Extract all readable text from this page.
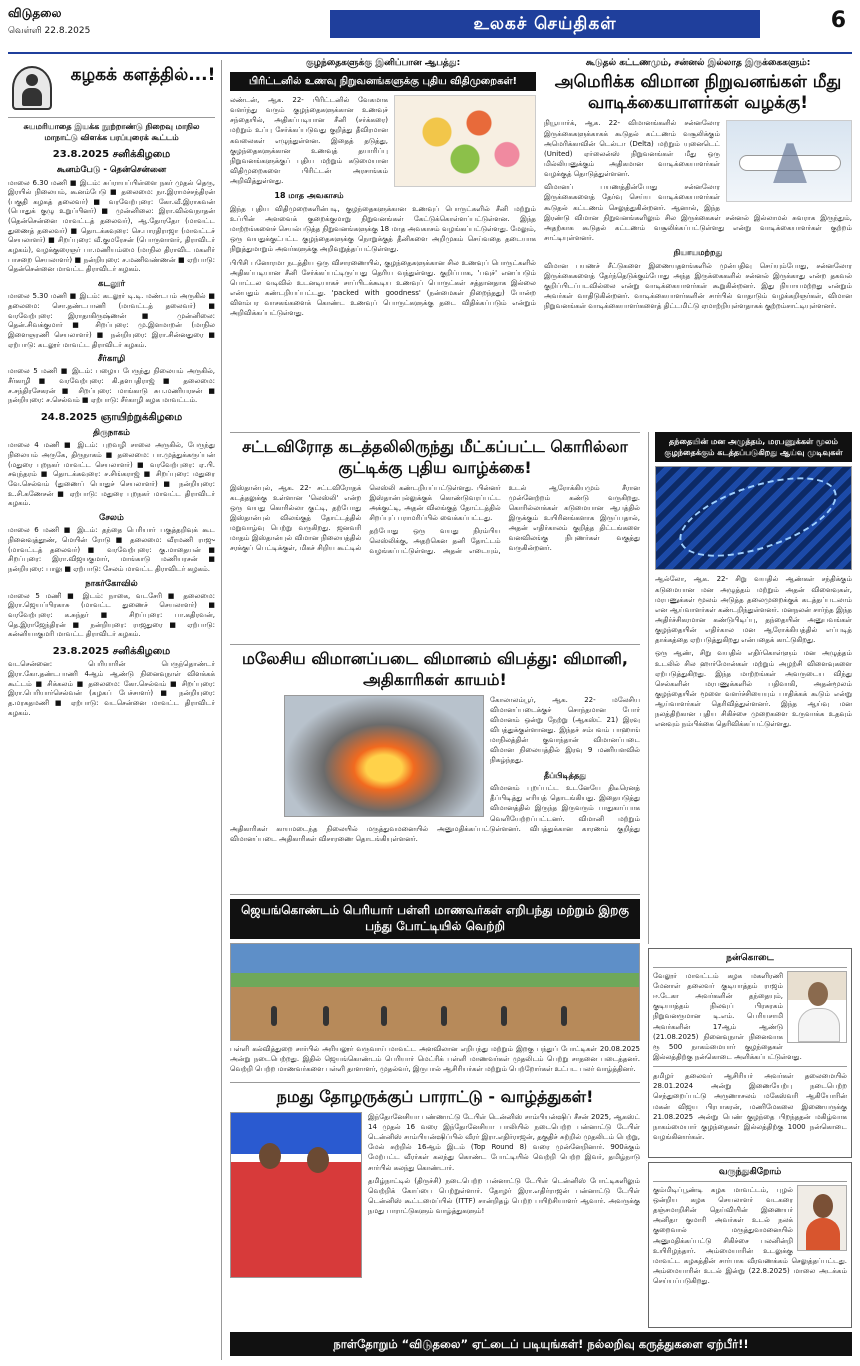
விடுதலை
வெள்ளி 22.8.2025	உலகச் செய்திகள்	6
கழகக் களத்தில்...!
சுயமரியாதை இயக்க நூற்றாண்டு நிறைவு மாநில மாநாட்டு விளக்க பரப்புரைக் கூட்டம்
23.8.2025 சனிக்கிழமை
கூனம்பேடு - தென்சென்னை
மாலை 6.30 மணி ■ இடம்: சுப்ராயப்பிள்ளை நகர் முதல் தெரு, இரயில் நிலையம், கூனம்பேடு ■ தலைமை: நா.இராமச்சந்திரன் (பகுதி கழகத் தலைவர்) ■ வரவேற்புரை: கோ.வீ.இராகவன் (பொதுக் குழு உறுப்பினர்) ■ முன்னிலை: இரா.வில்வநாதன் (தென்சென்னை மாவட்டத் தலைவர்), ஆ.தோரதோ (மாவட்ட துணைத் தலைவர்) ■ தொடக்கவுரை: செ.பாரதிராஜா (மாவட்டச் செயலாளர்) ■ சிறப்புரை: வீ.குமரேசன் (பொருளாளர், திராவிடர் கழகம்), வழக்குரைஞர் பா.மணியம்மை (மாநில திராவிட மகளிர் பாசறை செயலாளர்) ■ நன்றியுரை: ச.மணிவண்ணன் ■ ஏற்பாடு: தென்சென்னை மாவட்ட திராவிடர் கழகம்.
கடலூர்
மாலை 5.30 மணி ■ இடம்: கடலூர் டி.டி. மண்டபம் அருகில் ■ தலைமை: சொ.தண்டபாணி (மாவட்டத் தலைவர்) ■ வரவேற்புரை: இராதாகிருஷ்ணன் ■ முன்னிலை: தென்.சிவக்குமார் ■ சிறப்புரை: மு.இளமாறன் (மாநில இளைஞரணி செயலாளர்) ■ நன்றியுரை: இரா.சின்னதுரை ■ ஏற்பாடு: கடலூர் மாவட்ட திராவிடர் கழகம்.
சீர்காழி
மாலை 5 மணி ■ இடம்: பழைய பேருந்து நிலையம் அருகில், சீர்காழி ■ வரவேற்புரை: கி.தளபதிராஜ் ■ தலைமை: ச.சந்திரசேகரன் ■ சிறப்புரை: மாங்காடு சுப.மணியரசன் ■ நன்றியுரை: ச.செல்வம் ■ ஏற்பாடு: சீர்காழி கழக மாவட்டம்.
24.8.2025 ஞாயிற்றுக்கிழமை
திருநாகம்
மாலை 4 மணி ■ இடம்: புறவழி சாலை அருகில், பேருந்து நிலையம் அருகே, திருநாகம் ■ தலைமை: பா.முத்துக்கருப்பன் (மதுரை புறநகர் மாவட்ட செயலாளர்) ■ வரவேற்புரை: ஏ.பி. சவுந்தரம் ■ தொடக்கவுரை: ச.சிங்கராஜ் ■ சிறப்புரை: மதுரை வே.செல்வம் (துணைப் பொதுச் செயலாளர்) ■ நன்றியுரை: உ.சி.கணேசன் ■ ஏற்பாடு: மதுரை புறநகர் மாவட்ட திராவிடர் கழகம்.
சேலம்
மாலை 6 மணி ■ இடம்: தந்தை பெரியார் பகுத்தறிவுக் கூட நினைவுத்தூண், மெயின் ரோடு ■ தலைமை: வீரமணி ராஜு (மாவட்டத் தலைவர்) ■ வரவேற்புரை: கு.மாதையன் ■ சிறப்புரை: இரா.விஜயகுமார், மாங்காடு மணியரசன் ■ நன்றியுரை: பாலு ■ ஏற்பாடு: சேலம் மாவட்ட திராவிடர் கழகம்.
நாகர்கோவில்
மாலை 5 மணி ■ இடம்: நாகை, வடசேரி ■ தலைமை: இரா.ஜெயப்பிரகாசு (மாவட்ட துணைச் செயலாளர்) ■ வரவேற்புரை: க.சுந்தர் ■ சிறப்புரை: பா.கதிரவன், தெ.இராஜேந்திரன் ■ நன்றியுரை: ராஜதுரை ■ ஏற்பாடு: கன்னியாகுமரி மாவட்ட திராவிடர் கழகம்.
23.8.2025 சனிக்கிழமை
வடசென்னை: பெரியாரின் பெருந்தொண்டர் இரா.கோ.தண்டபாணி 4ஆம் ஆண்டு நினைவுநாள் விளக்கக் கூட்டம் ■ சிக்கலம் ■ தலைமை: கோ.செல்வம் ■ சிறப்புரை: இரா.பெரியார்செல்வன் (கழகப் பேச்சாளர்) ■ நன்றியுரை: த.மரகதமணி ■ ஏற்பாடு: வடசென்னை மாவட்ட திராவிடர் கழகம்.
குழந்தைகளுக்கு இனிப்பான ஆபத்து:
பிரிட்டனில் உணவு நிறுவனங்களுக்கு புதிய விதிமுறைகள்!

லண்டன், ஆக. 22- பிரிட்டனில் வேகமாக வளர்ந்து வரும் குழந்தைகளுக்கான உணவுச் சந்தையில், அதிகப்படியான சீனி (சர்க்கரை) மற்றும் உப்பு சேர்க்கப்படுவது குறித்து தீவிரமான கவலைகள் எழுந்துள்ளன. இதைத் தடுத்து, குழந்தைகளுக்கான உணவுத் தயாரிப்பு நிறுவனங்களுக்குப் புதிய மற்றும் கடுமையான விதிமுறைகளை பிரிட்டன் அரசாங்கம் அறிவித்துள்ளது.

18 மாத அவகாசம்

இந்த புதிய விதிமுறைகளின்படி, குழந்தைகளுக்கான உணவுப் பொருட்களில் சீனி மற்றும் உப்பின் அளவைக் குறைக்குமாறு நிறுவனங்கள் கேட்டுக்கொள்ளப்பட்டுள்ளன. இந்த மாற்றங்களைச் செயல்படுத்த நிறுவனங்களுக்கு 18 மாத அவகாசம் வழங்கப்பட்டுள்ளது. மேலும், ஒரு வயதுக்குட்பட்ட குழந்தைகளுக்கு நொறுக்குத் தீனிகளை அறிமுகம் செய்வதை தடையாக நிறுத்துமாறும் அவர்களுக்கு அறிவுறுத்தப்பட்டுள்ளது.

பிபிசி பனோரமா நடத்திய ஒரு விசாரணையில், குழந்தைகளுக்கான சில உணவுப் பொருட்களில் அதிகப்படியான சீனி சேர்க்கப்பட்டிருப்பது தெரிய வந்துள்ளது. குறிப்பாக, 'பவுச்' எனப்படும் பொட்டல வடிவில் உடனடியாகச் சாப்பிடக்கூடிய உணவுப் பொருட்கள் சத்தானதாக இல்லை என்பதும் கண்டறியப்பட்டது. 'packed with goodness' (நன்மைகள் நிறைந்தது) போன்ற விளம்பர வாசகங்களைக் கொண்ட உணவுப் பொருட்களுக்கு தடை விதிக்கப்படும் என்றும் அறிவிக்கப்பட்டுள்ளது.

கூடுதல் கட்டணமும், சன்னல் இல்லாத இருக்கைகளும்:
அமெரிக்க விமான நிறுவனங்கள் மீது வாடிக்கையாளர்கள் வழக்கு!

நியூயார்க், ஆக. 22- விமானங்களில் சன்னலோர இருக்கைகளுக்காகக் கூடுதல் கட்டணம் வசூலிக்கும் அமெரிக்காவின் டெல்டா (Delta) மற்றும் யுனைடெட் (United) ஏர்லைன்ஸ் நிறுவனங்கள் மீது ஒரு மில்லியனுக்கும் அதிகமான வாடிக்கையாளர்கள் வழக்குத் தொடுத்துள்ளனர்.

விமானப் பயணத்தின்போது சன்னலோர இருக்கைகளைத் தேர்வு செய்ய வாடிக்கையாளர்கள் கூடுதல் கட்டணம் செலுத்துகின்றனர். ஆனால், இந்த இரண்டு விமான நிறுவனங்களிலும் சில இருக்கைகள் சன்னல் இல்லாமல் சுவராக இருந்தும், அதற்காக கூடுதல் கட்டணம் வசூலிக்கப்பட்டுள்ளது என்று வாடிக்கையாளர்கள் குற்றம் சாட்டியுள்ளனர்.

நியாயமற்றது

விமான பயணச் சீட்டுகளை இணையதளங்களில் முன்பதிவு செய்யும்போது, சன்னலோர இருக்கைகளைத் தேர்ந்தெடுக்கும்போது அந்த இருக்கைகளில் சன்னல் இருக்காது என்ற தகவல் குறிப்பிடப்படவில்லை என்று வாடிக்கையாளர்கள் கூறுகின்றனர். இது நியாயமற்றது என்றும் அவர்கள் வாதிடுகின்றனர். வாடிக்கையாளர்களின் சார்பில் வாதாடும் வழக்கறிஞர்கள், விமான நிறுவனங்கள் வாடிக்கையாளர்களைத் திட்டமிட்டு ஏமாற்றியுள்ளதாகக் குற்றம்சாட்டியுள்ளனர்.

சட்டவிரோத கடத்தலிலிருந்து மீட்கப்பட்ட கொரில்லா குட்டிக்கு புதிய வாழ்க்கை!

இஸ்தான்புல், ஆக. 22- சட்டவிரோதக் கடத்தலுக்கு உள்ளான 'லெஸ்லி' என்ற ஒரு வயது கொரில்லா குட்டி, தற்போது இஸ்தான்புல் விலங்குத் தோட்டத்தில் மறுவாழ்வு பெற்று வருகிறது. ஜனவரி மாதம் இஸ்தான்புல் விமான நிலையத்தில் சரக்குப் பெட்டிக்குள், மிகச் சிறிய கூட்டில் லெஸ்லி கண்டறியப்பட்டுள்ளது. பின்னர் இஸ்தான்புல்லுக்குக் கொண்டுவரப்பட்ட அக்குட்டி, அதன் விலங்குத் தோட்டத்தில் சிறப்புப் பராமரிப்பில் வைக்கப்பட்டது.

தற்போது ஒரு வயது நிரம்பிய லெஸ்லிக்கு, அதற்கென தனி தோட்டம் வழங்கப்பட்டுள்ளது. அதன் எடையும், உடல் ஆரோக்கியமும் சீரான முன்னேற்றம் கண்டு வருகிறது. கொரில்லாக்கள் கடுமையான ஆபத்தில் இருக்கும் உயிரினங்களாக இருப்பதால், அதன் எதிர்காலம் குறித்த திட்டங்களை வனவிலங்கு நிபுணர்கள் வகுத்து வருகின்றனர்.

தந்தையின் மன அழுத்தம், மரபணுக்கள் மூலம் குழந்தைக்கும் கடத்தப்படுகிறது ஆய்வு முடிவுகள்

ஆல்லோ, ஆக. 22- சிறு வயதில் ஆண்கள் சந்திக்கும் கடுமையான மன அழுத்தம் மற்றும் அதன் விளைவுகள், மரபணுக்கள் மூலம் அடுத்த தலைமுறைக்குக் கடத்தப்படலாம் என ஆய்வாளர்கள் கண்டறிந்துள்ளனர். மனநலன் சார்ந்த இந்த அதிர்ச்சிகரமான கண்டுபிடிப்பு, தந்தையின் அனுபவங்கள் குழந்தையின் எதிர்கால மன ஆரோக்கியத்தில் எப்படித் தாக்கத்தை ஏற்படுத்துகிறது என்பதைக் காட்டுகிறது.

ஒரு ஆண், சிறு வயதில் எதிர்கொள்ளும் மன அழுத்தம் உடலில் சில ஹார்மோன்கள் மற்றும் அழற்சி விளைவுகளை ஏற்படுத்துகிறது. இந்த மாற்றங்கள் அவருடைய விந்து செல்களின் மரபணுக்களில் பதிவாகி, அதன்மூலம் குழந்தையின் மூளை வளர்ச்சியையும் பாதிக்கக் கூடும் என்று ஆய்வாளர்கள் தெரிவித்துள்ளனர். இந்த ஆய்வு மன நலத்திற்கான புதிய சிகிச்சை முறைகளை உருவாக்க உதவும் எனவும் நம்பிக்கை தெரிவிக்கப்பட்டுள்ளது.

மலேசிய விமானப்படை விமானம் விபத்து: விமானி, அதிகாரிகள் காயம்!

கோலாலம்பூர், ஆக. 22- மலேசிய விமானப்படைக்குச் சொந்தமான போர் விமானம் ஒன்று நேற்று (ஆகஸ்ட் 21) இரவு விபத்துக்குள்ளானது. இந்தச் சம்பவம் பாஹாங் மாநிலத்தின் குவாந்தான் விமானப்படை விமான நிலையத்தில் இரவு 9 மணியளவில் நிகழ்ந்தது.

தீப்பிடித்தது

விமானம் புறப்பட்ட உடனேயே திடீரெனத் தீப்பிடித்து எரியத் தொடங்கியது. இதையடுத்து விமானத்தில் இருந்த இருவரும் பாதுகாப்பாக வெளியேற்றப்பட்டனர். விமானி மற்றும் அதிகாரிகள் காயமடைந்த நிலையில் மருத்துவமனையில் அனுமதிக்கப்பட்டுள்ளனர். விபத்துக்கான காரணம் குறித்து விமானப்படை அதிகாரிகள் விசாரணை தொடங்கியுள்ளனர்.

ஜெயங்கொண்டம் பெரியார் பள்ளி மாணவர்கள் எறிபந்து மற்றும் இறகு பந்து போட்டியில் வெற்றி
பள்ளி கல்வித்துறை சார்பில் அரியலூர் வருவாய் மாவட்ட அளவிலான எறிபந்து மற்றும் இறகு பந்துப் போட்டிகள் 20.08.2025 அன்று நடைபெற்றது. இதில் ஜெயங்கொண்டம் பெரியார் மெட்ரிக் பள்ளி மாணவர்கள் முதலிடம் பெற்று சாதனை படைத்தனர். வெற்றி பெற்ற மாணவர்களை பள்ளி தாளாளர், முதல்வர், இருபால் ஆசிரியர்கள் மற்றும் பெற்றோர்கள் உட்பட பலர் வாழ்த்தினர்.
நன்கொடை
வேலூர் மாவட்டம் கழக மகளிரணி மேனாள் தலைவர் குடியாத்தம் ராஜம் ஈ.டேகா அவர்களின் தந்தையும், குடியாத்தம் நிலவுப் பிரசுரகம் நிறுவனருமான டி.எம். பெரியசாமி அவர்களின் 17ஆம் ஆண்டு (21.08.2025) நினைவுநாள் நினைவாக ரூ 500 நாகம்மையார் குழந்தைகள் இல்லத்திற்கு நன்கொடை அளிக்கப்பட்டுள்ளது.
தமிழர் தலைவர் ஆசிரியர் அவர்கள் தலைமையில் 28.01.2024 அன்று இணையேற்பு நடைபெற்ற செந்துறைப்பட்டு அருணாசலம் மகேஸ்வரி ஆகியோரின் மகன் விஜய பிரபாகரன், மணிமேகலை இணையருக்கு 21.08.2025 அன்று பெண் குழந்தை பிறந்ததன் மகிழ்வாக நாகம்மையார் குழந்தைகள் இல்லத்திற்கு 1000 நன்கொடை வழங்கினார்கள்.
நமது தோழருக்குப் பாராட்டு - வாழ்த்துகள்!

இந்தோனேசியா பண்ணாட்டு டேபிள் டென்னிஸ் சாம்பியன்ஷிப் சீசன் 2025, ஆகஸ்ட் 14 முதல் 16 வரை இந்தோனேசியா பாலியில் நடைபெற்ற பன்னாட்டு டேபிள் டென்னிஸ் சாம்பியன்ஷிப்பில் வீரர் இரா.எதிர்ராஜன், தகுதிச் சுற்றில் முதலிடம் பெற்று, மேல் சுற்றில் 16ஆம் இடம் (Top Round 8) வரை முன்னேறினார். 900க்கும் மேற்பட்ட வீரர்கள் கலந்து கொண்ட போட்டியில் வெற்றி பெற்ற இவர், தமிழ்நாடு சார்பில் கலந்து கொண்டார்.

தமிழ்நாட்டில் (திருச்சி) நடைபெற்ற பன்னாட்டு டேபிள் டென்னிஸ் போட்டிகளிலும் வெற்றிக் கோப்பை பெற்றுள்ளார். தோழர் இரா.எதிர்ராஜன் பன்னாட்டு டேபிள் டென்னிஸ் கூட்டமைப்பில் (ITTF) சான்றிதழ் பெற்ற பயிற்சியாளர் ஆவார். அவருக்கு நமது பாராட்டுகளும் வாழ்த்துகளும்!

வருந்துகிறோம்
கும்மிடிப்பூண்டி கழக மாவட்டம், புழல் ஒன்றிய கழக செயலாளர் வடகரை தஞ்சமாறிசின் தெய்வியின் இணையர் அனிதா குமாரி அவர்கள் உடல் நலக் குறைவால் மருத்துவமனையில் அனுமதிக்கப்பட்டு சிகிச்சை பலனின்றி உயிரிழந்தார். அம்மையாரின் உடலுக்கு மாவட்ட கழகத்தின் சார்பாக வீரவணக்கம் செலுத்தப்பட்டது. அம்மையாரின் உடல் இன்று (22.8.2025) மாலை அடக்கம் செய்யப்படுகிறது.
நாள்தோறும் “விடுதலை” ஏட்டைப் படியுங்கள்! நல்லறிவு கருத்துகளை ஏற்பீர்!!
